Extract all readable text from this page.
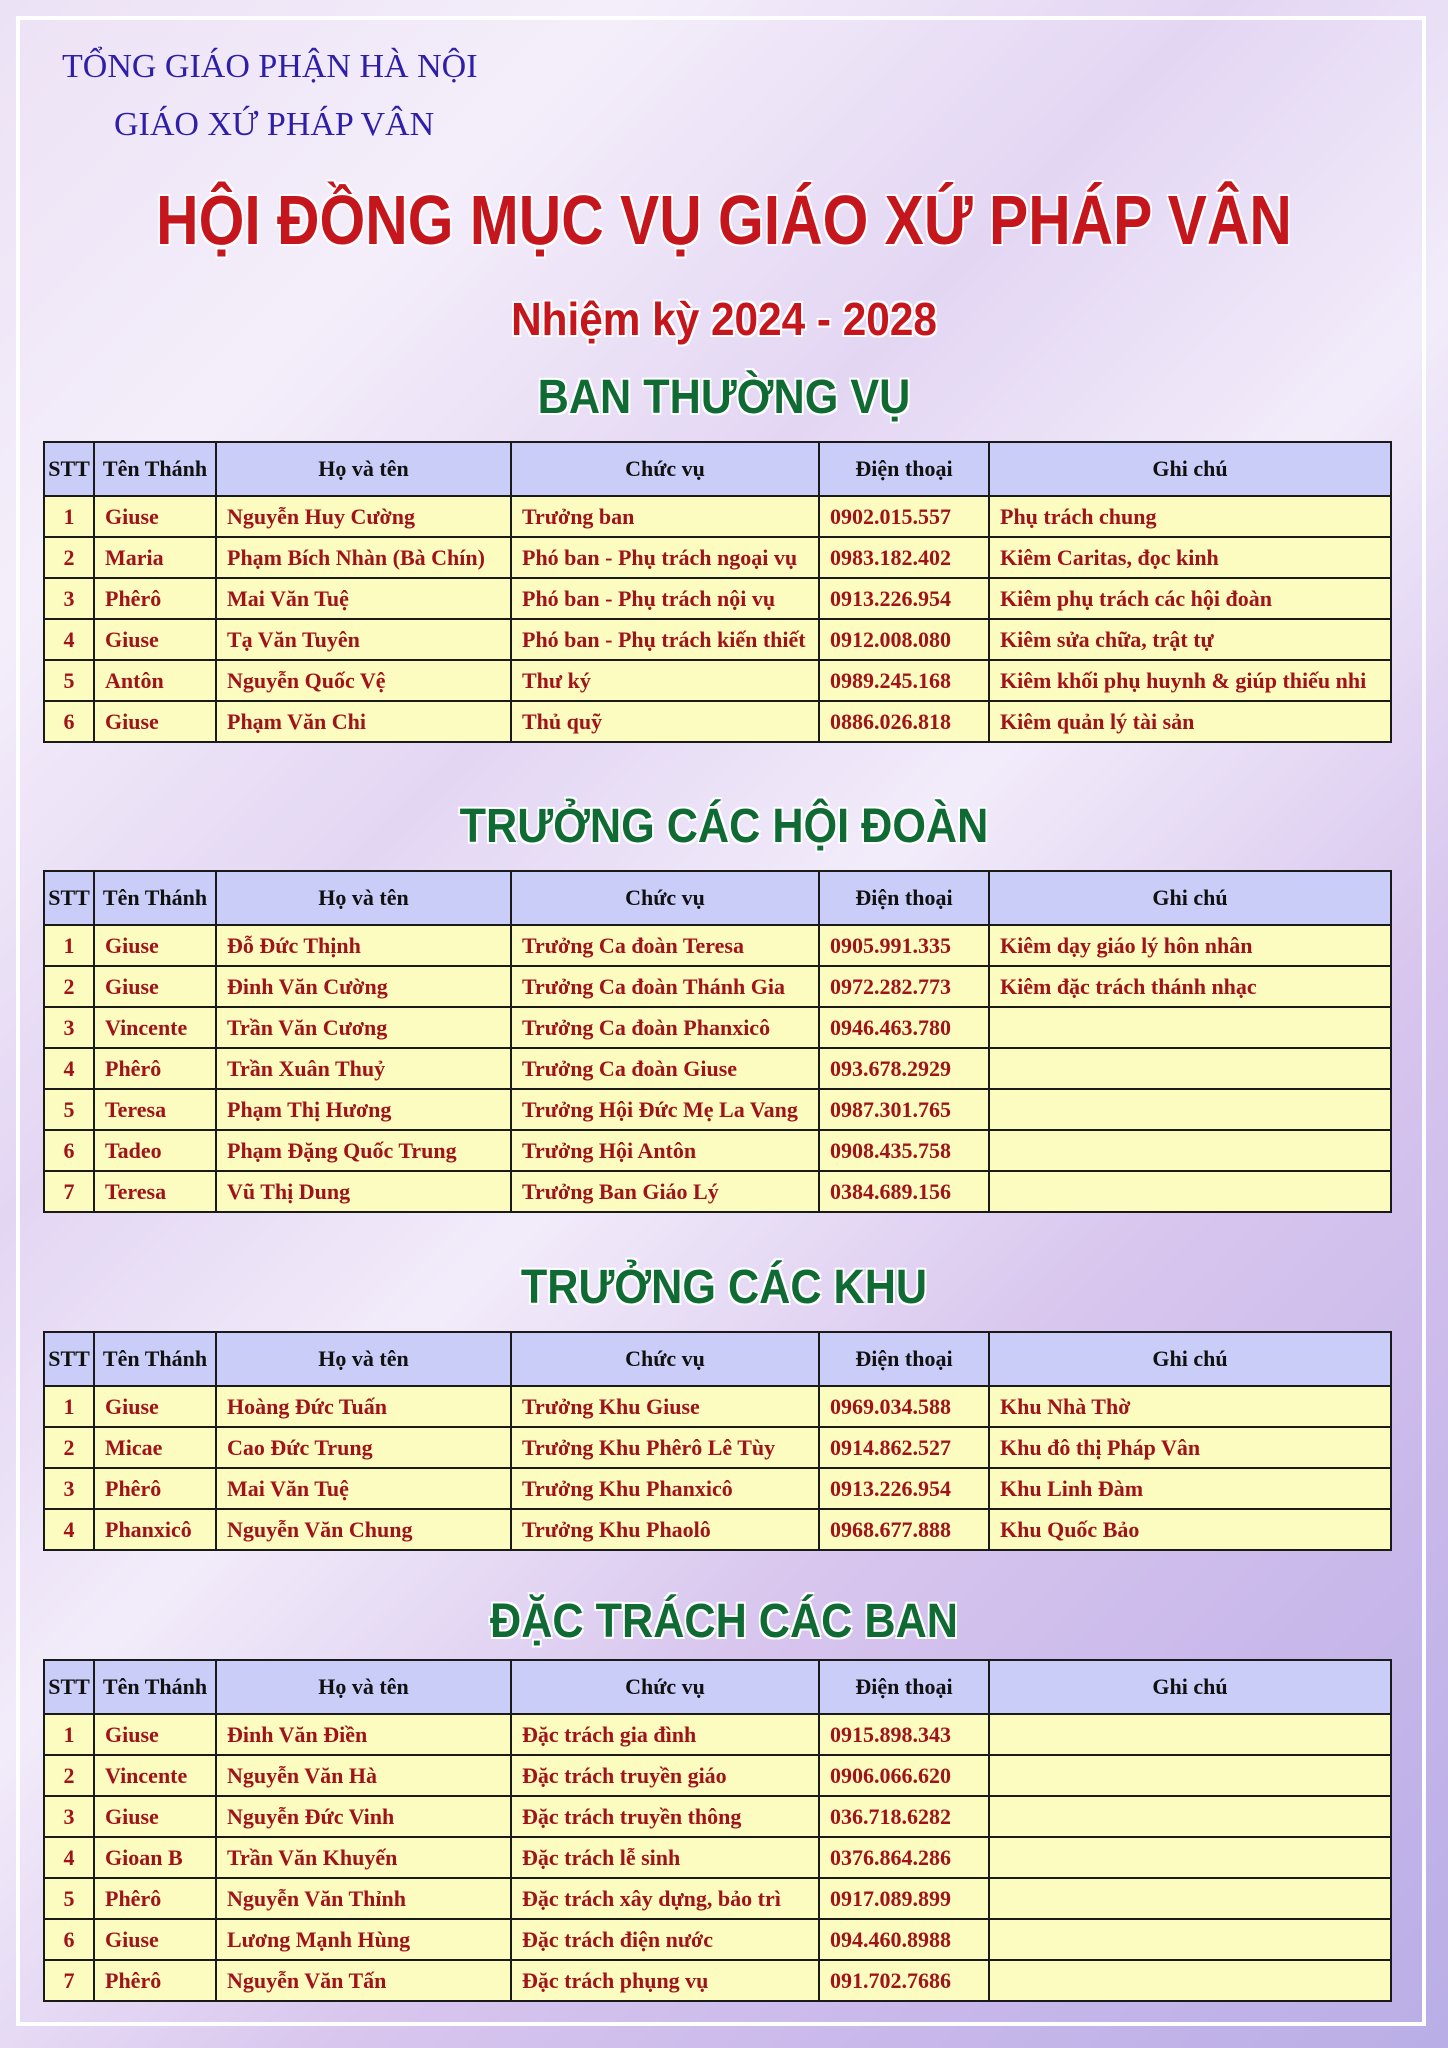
TỔNG GIÁO PHẬN HÀ NỘI
GIÁO XỨ PHÁP VÂN
HỘI ĐỒNG MỤC VỤ GIÁO XỨ PHÁP VÂN
Nhiệm kỳ 2024 - 2028
BAN THƯỜNG VỤ
STT	Tên Thánh	Họ và tên	Chức vụ	Điện thoại	Ghi chú
1	Giuse	Nguyễn Huy Cường	Trưởng ban	0902.015.557	Phụ trách chung
2	Maria	Phạm Bích Nhàn (Bà Chín)	Phó ban - Phụ trách ngoại vụ	0983.182.402	Kiêm Caritas, đọc kinh
3	Phêrô	Mai Văn Tuệ	Phó ban - Phụ trách nội vụ	0913.226.954	Kiêm phụ trách các hội đoàn
4	Giuse	Tạ Văn Tuyên	Phó ban - Phụ trách kiến thiết	0912.008.080	Kiêm sửa chữa, trật tự
5	Antôn	Nguyễn Quốc Vệ	Thư ký	0989.245.168	Kiêm khối phụ huynh & giúp thiếu nhi
6	Giuse	Phạm Văn Chi	Thủ quỹ	0886.026.818	Kiêm quản lý tài sản
TRƯỞNG CÁC HỘI ĐOÀN
STT	Tên Thánh	Họ và tên	Chức vụ	Điện thoại	Ghi chú
1	Giuse	Đỗ Đức Thịnh	Trưởng Ca đoàn Teresa	0905.991.335	Kiêm dạy giáo lý hôn nhân
2	Giuse	Đinh Văn Cường	Trưởng Ca đoàn Thánh Gia	0972.282.773	Kiêm đặc trách thánh nhạc
3	Vincente	Trần Văn Cương	Trưởng Ca đoàn Phanxicô	0946.463.780	
4	Phêrô	Trần Xuân Thuỷ	Trưởng Ca đoàn Giuse	093.678.2929	
5	Teresa	Phạm Thị Hương	Trưởng Hội Đức Mẹ La Vang	0987.301.765	
6	Tadeo	Phạm Đặng Quốc Trung	Trưởng Hội Antôn	0908.435.758	
7	Teresa	Vũ Thị Dung	Trưởng Ban Giáo Lý	0384.689.156	
TRƯỞNG CÁC KHU
STT	Tên Thánh	Họ và tên	Chức vụ	Điện thoại	Ghi chú
1	Giuse	Hoàng Đức Tuấn	Trưởng Khu Giuse	0969.034.588	Khu Nhà Thờ
2	Micae	Cao Đức Trung	Trưởng Khu Phêrô Lê Tùy	0914.862.527	Khu đô thị Pháp Vân
3	Phêrô	Mai Văn Tuệ	Trưởng Khu Phanxicô	0913.226.954	Khu Linh Đàm
4	Phanxicô	Nguyễn Văn Chung	Trưởng Khu Phaolô	0968.677.888	Khu Quốc Bảo
ĐẶC TRÁCH CÁC BAN
STT	Tên Thánh	Họ và tên	Chức vụ	Điện thoại	Ghi chú
1	Giuse	Đinh Văn Điền	Đặc trách gia đình	0915.898.343	
2	Vincente	Nguyễn Văn Hà	Đặc trách truyền giáo	0906.066.620	
3	Giuse	Nguyễn Đức Vinh	Đặc trách truyền thông	036.718.6282	
4	Gioan B	Trần Văn Khuyến	Đặc trách lễ sinh	0376.864.286	
5	Phêrô	Nguyễn Văn Thỉnh	Đặc trách xây dựng, bảo trì	0917.089.899	
6	Giuse	Lương Mạnh Hùng	Đặc trách điện nước	094.460.8988	
7	Phêrô	Nguyễn Văn Tấn	Đặc trách phụng vụ	091.702.7686	
